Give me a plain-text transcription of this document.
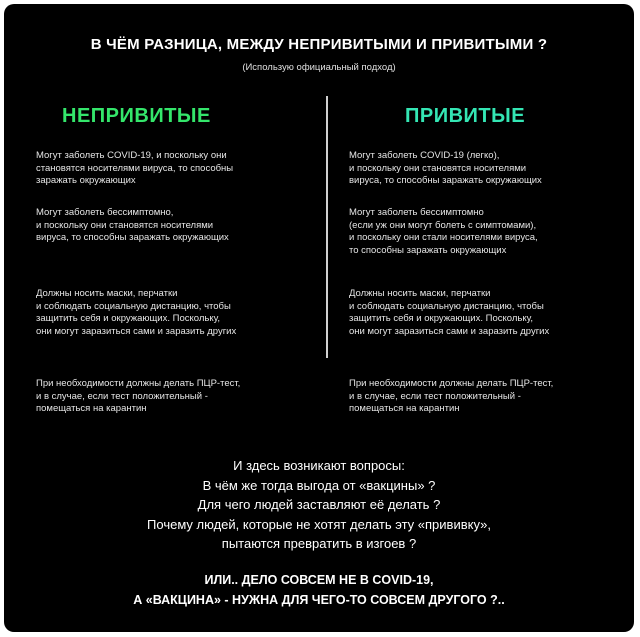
В ЧЁМ РАЗНИЦА, МЕЖДУ НЕПРИВИТЫМИ И ПРИВИТЫМИ ?
(Использую официальный подход)
НЕПРИВИТЫЕ	ПРИВИТЫЕ
Могут заболеть COVID-19, и поскольку они
становятся носителями вируса, то способны
заражать окружающих
Могут заболеть бессимптомно,
и поскольку они становятся носителями
вируса, то способны заражать окружающих
Должны носить маски, перчатки
и соблюдать социальную дистанцию, чтобы
защитить себя и окружающих. Поскольку,
они могут заразиться сами и заразить других
При необходимости должны делать ПЦР-тест,
и в случае, если тест положительный -
помещаться на карантин
Могут заболеть COVID-19 (легко),
и поскольку они становятся носителями
вируса, то способны заражать окружающих
Могут заболеть бессимптомно
(если уж они могут болеть с симптомами),
и поскольку они стали носителями вируса,
то способны заражать окружающих
Должны носить маски, перчатки
и соблюдать социальную дистанцию, чтобы
защитить себя и окружающих. Поскольку,
они могут заразиться сами и заразить других
При необходимости должны делать ПЦР-тест,
и в случае, если тест положительный -
помещаться на карантин
И здесь возникают вопросы:
В чём же тогда выгода от «вакцины» ?
Для чего людей заставляют её делать ?
Почему людей, которые не хотят делать эту «прививку»,
пытаются превратить в изгоев ?
ИЛИ.. ДЕЛО СОВСЕМ НЕ В COVID-19,
А «ВАКЦИНА» - НУЖНА ДЛЯ ЧЕГО-ТО СОВСЕМ ДРУГОГО ?..
